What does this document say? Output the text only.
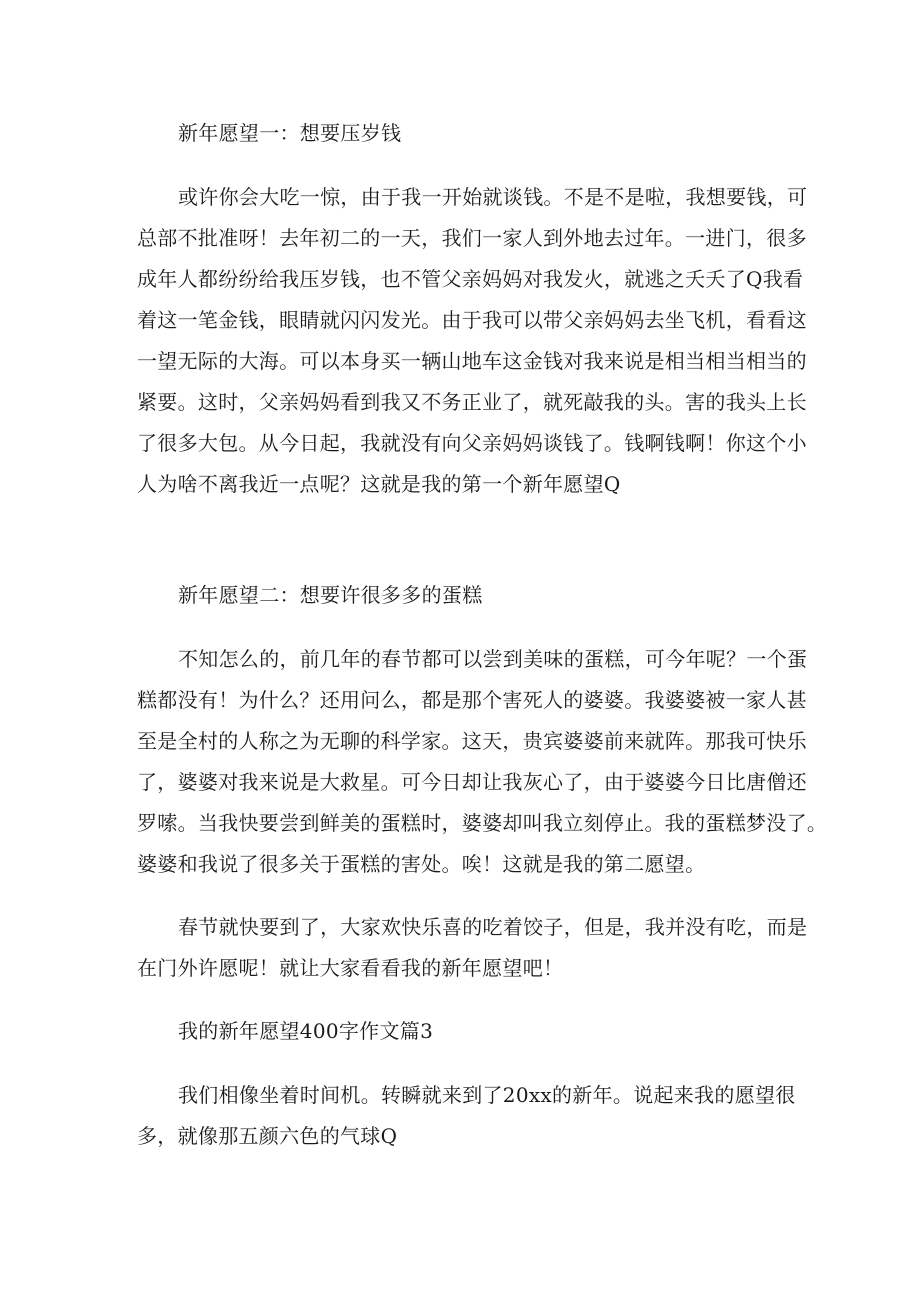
新年愿望一：想要压岁钱
或许你会大吃一惊，由于我一开始就谈钱。不是不是啦，我想要钱，可
总部不批准呀！去年初二的一天，我们一家人到外地去过年。一进门，很多
成年人都纷纷给我压岁钱，也不管父亲妈妈对我发火，就逃之夭夭了Q我看
着这一笔金钱，眼睛就闪闪发光。由于我可以带父亲妈妈去坐飞机，看看这
一望无际的大海。可以本身买一辆山地车这金钱对我来说是相当相当相当的
紧要。这时，父亲妈妈看到我又不务正业了，就死敲我的头。害的我头上长
了很多大包。从今日起，我就没有向父亲妈妈谈钱了。钱啊钱啊！你这个小
人为啥不离我近一点呢？这就是我的第一个新年愿望Q
新年愿望二：想要许很多多的蛋糕
不知怎么的，前几年的春节都可以尝到美味的蛋糕，可今年呢？一个蛋
糕都没有！为什么？还用问么，都是那个害死人的婆婆。我婆婆被一家人甚
至是全村的人称之为无聊的科学家。这天，贵宾婆婆前来就阵。那我可快乐
了，婆婆对我来说是大救星。可今日却让我灰心了，由于婆婆今日比唐僧还
罗嗦。当我快要尝到鲜美的蛋糕时，婆婆却叫我立刻停止。我的蛋糕梦没了。
婆婆和我说了很多关于蛋糕的害处。唉！这就是我的第二愿望。
春节就快要到了，大家欢快乐喜的吃着饺子，但是，我并没有吃，而是
在门外许愿呢！就让大家看看我的新年愿望吧！
我的新年愿望400字作文篇3
我们相像坐着时间机。转瞬就来到了20xx的新年。说起来我的愿望很
多，就像那五颜六色的气球Q
